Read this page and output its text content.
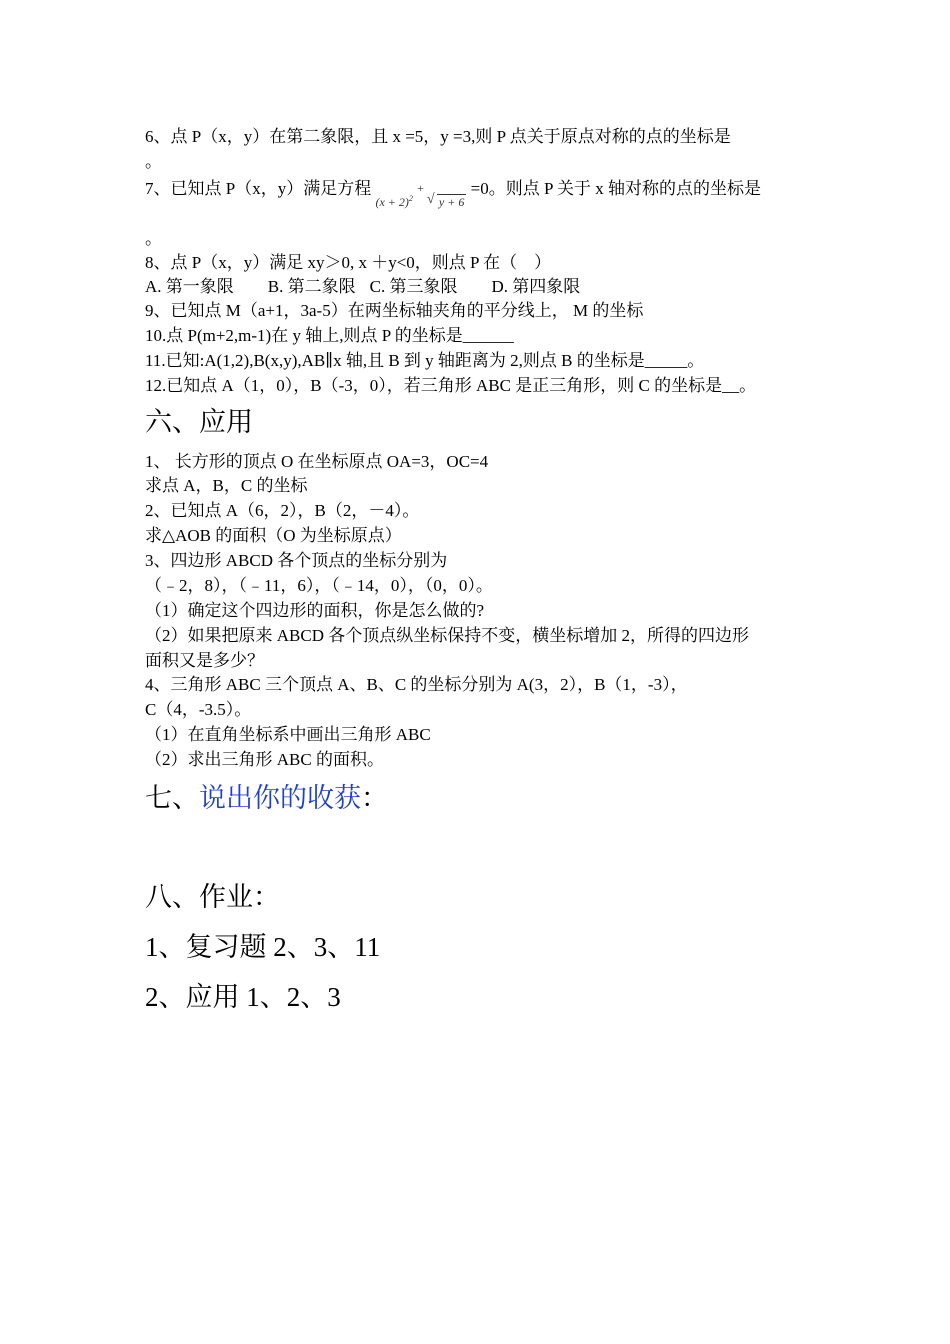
6、点 P（x，y）在第二象限，且 x =5，y =3,则 P 点关于原点对称的点的坐标是
。
7、已知点 P（x，y）满足方程 $_{(x + 2)^2}$ + √ y + 6 =0。则点 P 关于 x 轴对称的点的坐标是
。
8、点 P（x，y）满足 xy＞0, x ＋y<0，则点 P 在（　）
A. 第一象限 B. 第二象限 C. 第三象限 D. 第四象限
9、已知点 M（a+1，3a-5）在两坐标轴夹角的平分线上， M 的坐标
10.点 P(m+2,m-1)在 y 轴上,则点 P 的坐标是______
11.已知:A(1,2),B(x,y),AB∥x 轴,且 B 到 y 轴距离为 2,则点 B 的坐标是_____。
12.已知点 A（1，0），B（-3，0），若三角形 ABC 是正三角形，则 C 的坐标是__。
六、应用
1、 长方形的顶点 O 在坐标原点 OA=3，OC=4
求点 A，B，C 的坐标
2、已知点 A（6，2），B（2，－4）。
求△AOB 的面积（O 为坐标原点）
3、四边形 ABCD 各个顶点的坐标分别为
（﹣2，8），（﹣11，6），（﹣14，0），（0，0）。
（1）确定这个四边形的面积，你是怎么做的?
（2）如果把原来 ABCD 各个顶点纵坐标保持不变，横坐标增加 2，所得的四边形
面积又是多少？
4、三角形 ABC 三个顶点 A、B、C 的坐标分别为 A(3，2），B（1，-3），
C（4，-3.5）。
（1）在直角坐标系中画出三角形 ABC
（2）求出三角形 ABC 的面积。
七、说出你的收获：
八、作业：
1、复习题 2、3、11
2、应用 1、2、3
